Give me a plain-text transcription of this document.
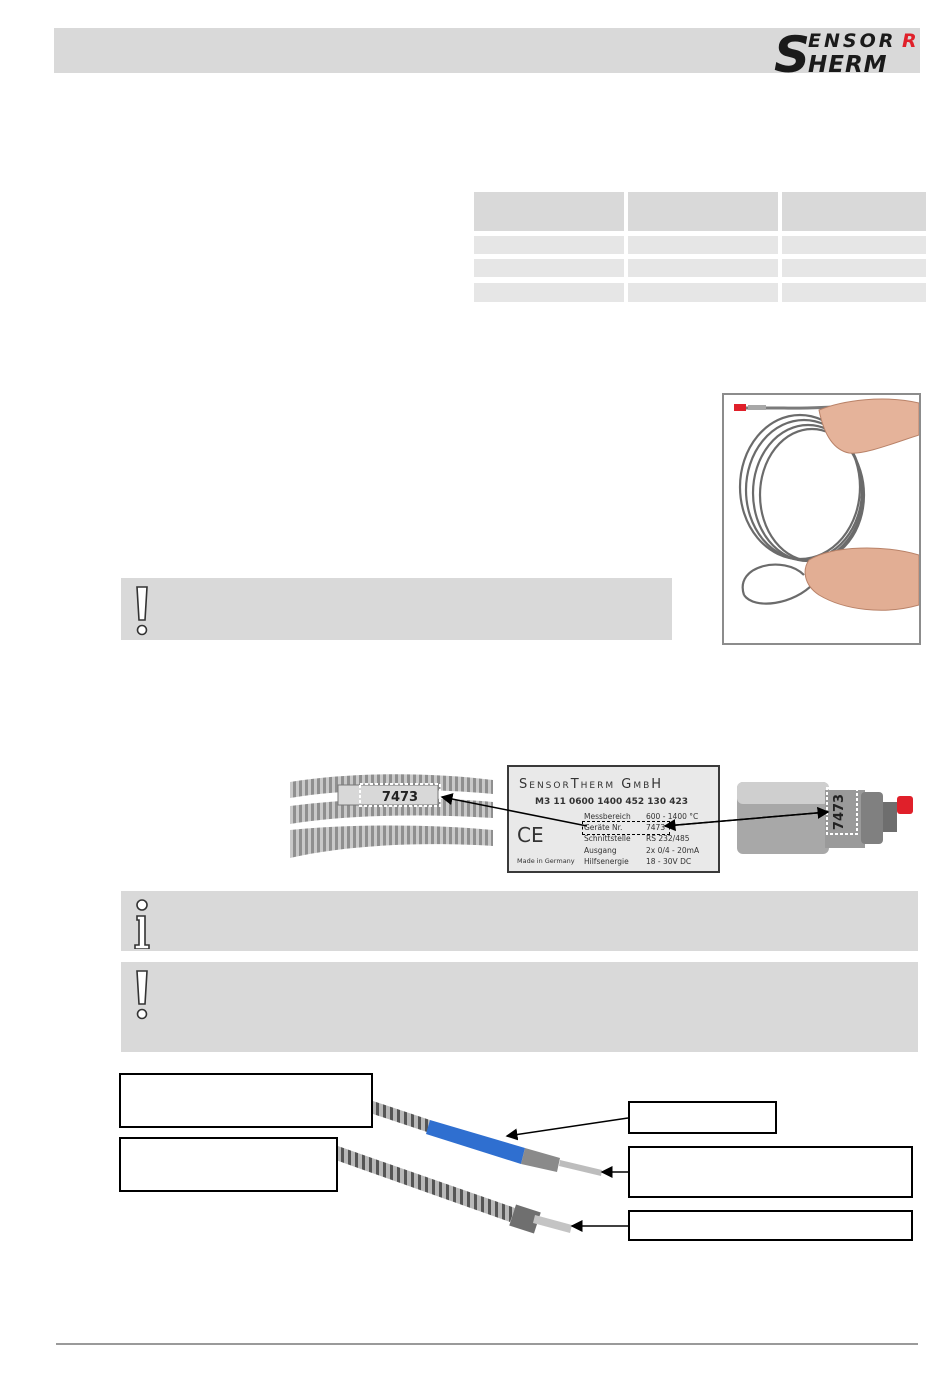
S
ENSOR R
HERM
7473
SensorTherm GmbH
M3 11 0600 1400 452 130 423
CE
Messbereich 600 - 1400 °C
Geräte Nr.	7473
Schnittstelle RS 232/485
Ausgang	2x 0/4 - 20mA
Hilfsenergie 18 - 30V DC
Made in Germany
7473
